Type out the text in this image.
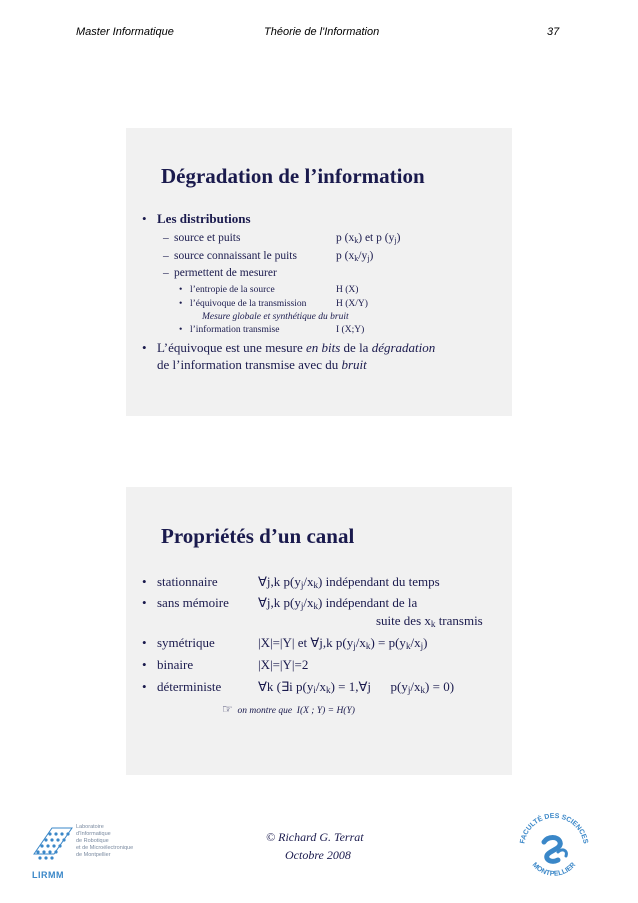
Master Informatique	Théorie de l'Information	37
Dégradation de l’information
• Les distributions
– source et puits	p $(x_k)$ et p $(y_j)$
– source connaissant le puits	p $(x_k/y_j)$
– permettent de mesurer
• l’entropie de la source	H (X)
• l’équivoque de la transmission	H (X/Y)
Mesure globale et synthétique du bruit
• l’information transmise	I (X;Y)
• L’équivoque est une mesure en bits de la dégradation
de l’information transmise avec du bruit
Propriétés d’un canal
• stationnaire	∀j,k $p(y_j/x_k)$ indépendant du temps
• sans mémoire ∀j,k $p(y_j/x_k)$ indépendant de la
suite des $x_k$ transmis
• symétrique	|X|=|Y| et ∀j,k $p(y_j/x_k) = p(y_k/x_j)$
• binaire	|X|=|Y|=2
• déterministe	∀k (∃i $p(y_i/x_k)$ = 1,∀j      $p(y_j/x_k) = 0$)
☞ on montre que  I(X ; Y) = H(Y)
© Richard G. Terrat
Octobre 2008
Laboratoire
d'Informatique
de Robotique
et de Microélectronique
de Montpellier
LIRMM
FACULTÉ DES SCIENCES
MONTPELLIER
